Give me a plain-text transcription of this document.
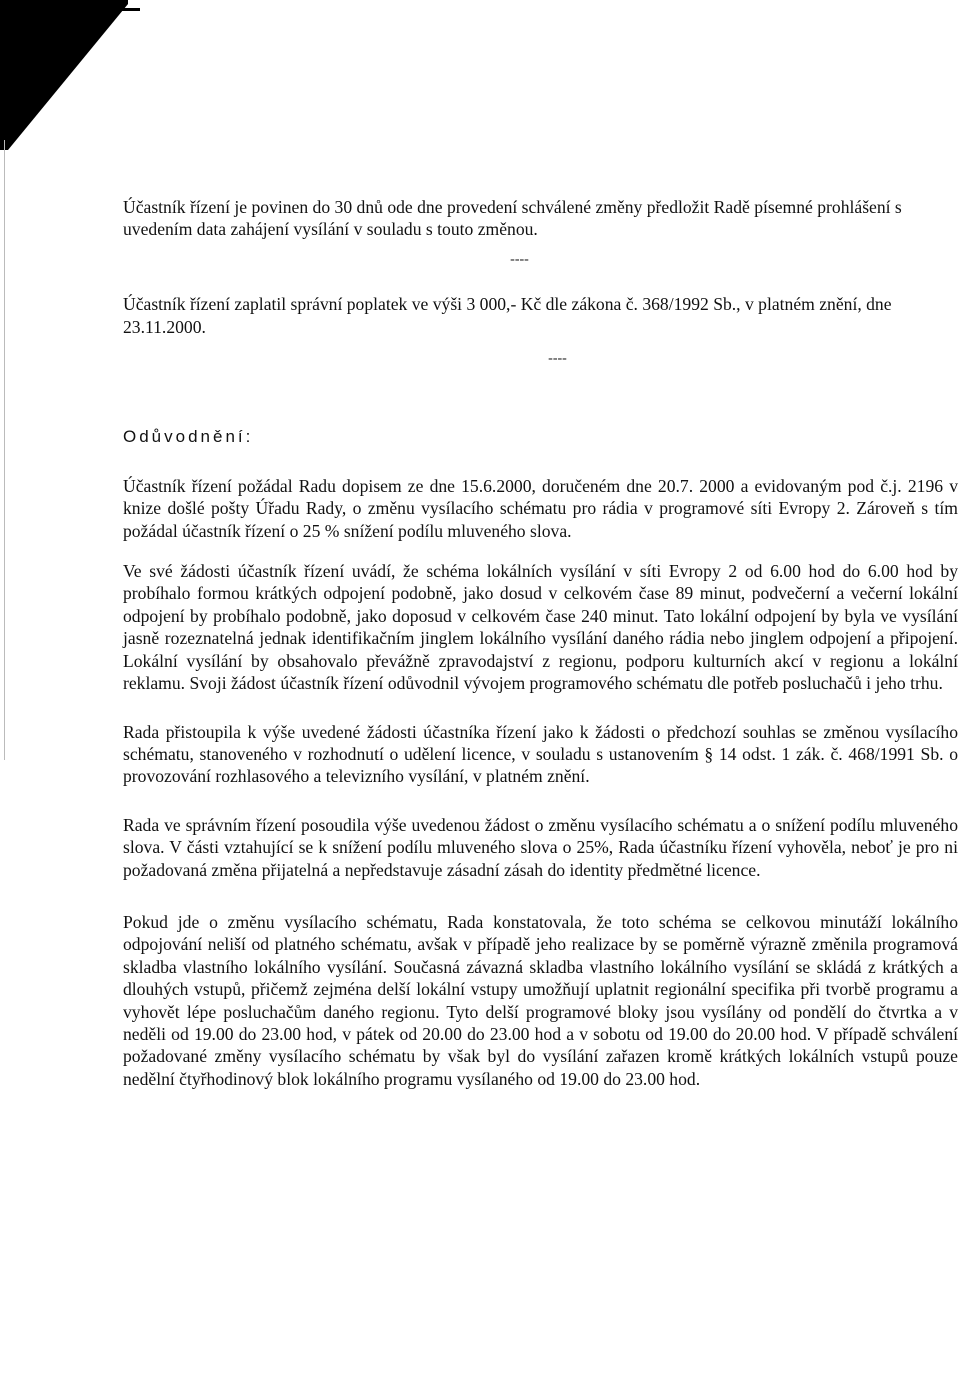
Účastník řízení je povinen do 30 dnů ode dne provedení schválené změny předložit Radě písemné prohlášení s uvedením data zahájení vysílání v souladu s touto změnou.

----

Účastník řízení zaplatil správní poplatek ve výši 3 000,- Kč dle zákona č. 368/1992 Sb., v platném znění, dne 23.11.2000.

----

Odůvodnění:

Účastník řízení požádal Radu dopisem ze dne 15.6.2000, doručeném dne 20.7. 2000 a evidovaným pod č.j. 2196 v knize došlé pošty Úřadu Rady, o změnu vysílacího schématu pro rádia v programové síti Evropy 2. Zároveň s tím požádal účastník řízení o 25 % snížení podílu mluveného slova.

Ve své žádosti účastník řízení uvádí, že schéma lokálních vysílání v síti Evropy 2 od 6.00 hod do 6.00 hod by probíhalo formou krátkých odpojení podobně, jako dosud v celkovém čase 89 minut, podvečerní a večerní lokální odpojení by probíhalo podobně, jako doposud v celkovém čase 240 minut. Tato lokální odpojení by byla ve vysílání jasně rozeznatelná jednak identifikačním jinglem lokálního vysílání daného rádia nebo jinglem odpojení a připojení. Lokální vysílání by obsahovalo převážně zpravodajství z regionu, podporu kulturních akcí v regionu a lokální reklamu. Svoji žádost účastník řízení odůvodnil vývojem programového schématu dle potřeb posluchačů i jeho trhu.

Rada přistoupila k výše uvedené žádosti účastníka řízení jako k žádosti o předchozí souhlas se změnou vysílacího schématu, stanoveného v rozhodnutí o udělení licence, v souladu s ustanovením § 14 odst. 1 zák. č. 468/1991 Sb. o provozování rozhlasového a televizního vysílání, v platném znění.

Rada ve správním řízení posoudila výše uvedenou žádost o změnu vysílacího schématu a o snížení podílu mluveného slova. V části vztahující se k snížení podílu mluveného slova o 25%, Rada účastníku řízení vyhověla, neboť je pro ni požadovaná změna přijatelná a nepředstavuje zásadní zásah do identity předmětné licence.

Pokud jde o změnu vysílacího schématu, Rada konstatovala, že toto schéma se celkovou minutáží lokálního odpojování neliší od platného schématu, avšak v případě jeho realizace by se poměrně výrazně změnila programová skladba vlastního lokálního vysílání. Současná závazná skladba vlastního lokálního vysílání se skládá z krátkých a dlouhých vstupů, přičemž zejména delší lokální vstupy umožňují uplatnit regionální specifika při tvorbě programu a vyhovět lépe posluchačům daného regionu. Tyto delší programové bloky jsou vysílány od pondělí do čtvrtka a v neděli od 19.00 do 23.00 hod, v pátek od 20.00 do 23.00 hod a v sobotu od 19.00 do 20.00 hod. V případě schválení požadované změny vysílacího schématu by však byl do vysílání zařazen kromě krátkých lokálních vstupů pouze nedělní čtyřhodinový blok lokálního programu vysílaného od 19.00 do 23.00 hod.
